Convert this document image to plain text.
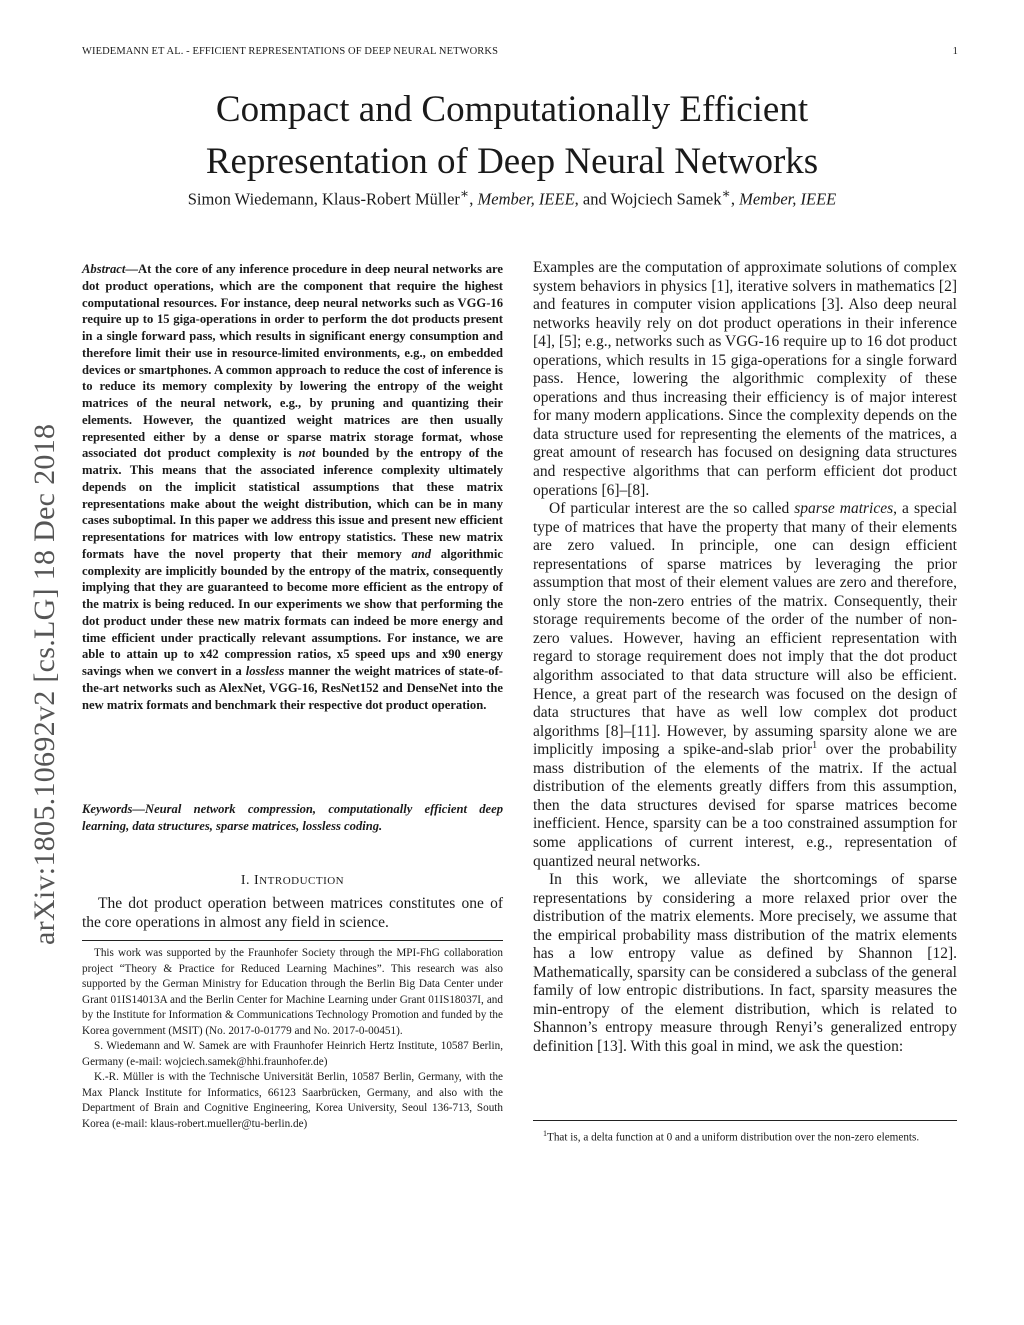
WIEDEMANN ET AL. - EFFICIENT REPRESENTATIONS OF DEEP NEURAL NETWORKS	1
Compact and Computationally Efficient
Representation of Deep Neural Networks
Simon Wiedemann, Klaus-Robert Müller∗, Member, IEEE, and Wojciech Samek∗, Member, IEEE
arXiv:1805.10692v2 [cs.LG] 18 Dec 2018
Abstract—At the core of any inference procedure in deep neural networks are dot product operations, which are the component that require the highest computational resources. For instance, deep neural networks such as VGG-16 require up to 15 giga-operations in order to perform the dot products present in a single forward pass, which results in significant energy consumption and therefore limit their use in resource-limited environments, e.g., on embedded devices or smartphones. A common approach to reduce the cost of inference is to reduce its memory complexity by lowering the entropy of the weight matrices of the neural network, e.g., by pruning and quantizing their elements. However, the quantized weight matrices are then usually represented either by a dense or sparse matrix storage format, whose associated dot product complexity is not bounded by the entropy of the matrix. This means that the associated inference complexity ultimately depends on the implicit statistical assumptions that these matrix representations make about the weight distribution, which can be in many cases suboptimal. In this paper we address this issue and present new efficient representations for matrices with low entropy statistics. These new matrix formats have the novel property that their memory and algorithmic complexity are implicitly bounded by the entropy of the matrix, consequently implying that they are guaranteed to become more efficient as the entropy of the matrix is being reduced. In our experiments we show that performing the dot product under these new matrix formats can indeed be more energy and time efficient under practically relevant assumptions. For instance, we are able to attain up to x42 compression ratios, x5 speed ups and x90 energy savings when we convert in a lossless manner the weight matrices of state-of-the-art networks such as AlexNet, VGG-16, ResNet152 and DenseNet into the new matrix formats and benchmark their respective dot product operation.
Keywords—Neural network compression, computationally efficient deep learning, data structures, sparse matrices, lossless coding.
I. INTRODUCTION
The dot product operation between matrices constitutes one of the core operations in almost any field in science.

This work was supported by the Fraunhofer Society through the MPI-FhG collaboration project “Theory & Practice for Reduced Learning Machines”. This research was also supported by the German Ministry for Education through the Berlin Big Data Center under Grant 01IS14013A and the Berlin Center for Machine Learning under Grant 01IS18037I, and by the Institute for Information & Communications Technology Promotion and funded by the Korea government (MSIT) (No. 2017-0-01779 and No. 2017-0-00451).

S. Wiedemann and W. Samek are with Fraunhofer Heinrich Hertz Institute, 10587 Berlin, Germany (e-mail: wojciech.samek@hhi.fraunhofer.de)

K.-R. Müller is with the Technische Universität Berlin, 10587 Berlin, Germany, with the Max Planck Institute for Informatics, 66123 Saarbrücken, Germany, and also with the Department of Brain and Cognitive Engineering, Korea University, Seoul 136-713, South Korea (e-mail: klaus-robert.mueller@tu-berlin.de)

Examples are the computation of approximate solutions of complex system behaviors in physics [1], iterative solvers in mathematics [2] and features in computer vision applications [3]. Also deep neural networks heavily rely on dot product operations in their inference [4], [5]; e.g., networks such as VGG-16 require up to 16 dot product operations, which results in 15 giga-operations for a single forward pass. Hence, lowering the algorithmic complexity of these operations and thus increasing their efficiency is of major interest for many modern applications. Since the complexity depends on the data structure used for representing the elements of the matrices, a great amount of research has focused on designing data structures and respective algorithms that can perform efficient dot product operations [6]–[8].

Of particular interest are the so called sparse matrices, a special type of matrices that have the property that many of their elements are zero valued. In principle, one can design efficient representations of sparse matrices by leveraging the prior assumption that most of their element values are zero and therefore, only store the non-zero entries of the matrix. Consequently, their storage requirements become of the order of the number of non-zero values. However, having an efficient representation with regard to storage requirement does not imply that the dot product algorithm associated to that data structure will also be efficient. Hence, a great part of the research was focused on the design of data structures that have as well low complex dot product algorithms [8]–[11]. However, by assuming sparsity alone we are implicitly imposing a spike-and-slab prior$^1$ over the probability mass distribution of the elements of the matrix. If the actual distribution of the elements greatly differs from this assumption, then the data structures devised for sparse matrices become inefficient. Hence, sparsity can be a too constrained assumption for some applications of current interest, e.g., representation of quantized neural networks.

In this work, we alleviate the shortcomings of sparse representations by considering a more relaxed prior over the distribution of the matrix elements. More precisely, we assume that the empirical probability mass distribution of the matrix elements has a low entropy value as defined by Shannon [12]. Mathematically, sparsity can be considered a subclass of the general family of low entropic distributions. In fact, sparsity measures the min-entropy of the element distribution, which is related to Shannon’s entropy measure through Renyi’s generalized entropy definition [13]. With this goal in mind, we ask the question:

$^1$That is, a delta function at 0 and a uniform distribution over the non-zero elements.
